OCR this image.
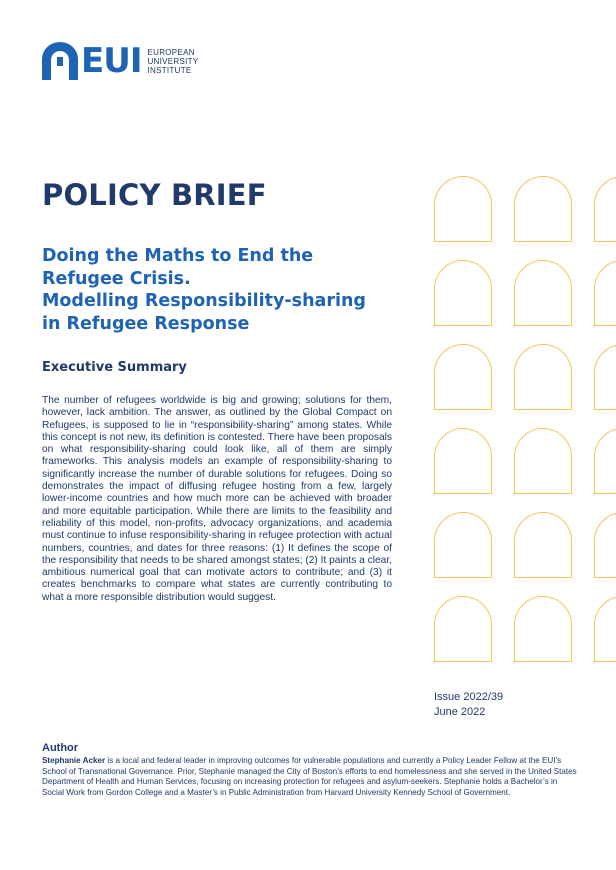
EUI EUROPEAN
UNIVERSITY
INSTITUTE
POLICY BRIEF
Doing the Maths to End the
Refugee Crisis.
Modelling Responsibility-sharing
in Refugee Response
Executive Summary

The number of refugees worldwide is big and growing; solutions for them, however, lack ambition. The answer, as outlined by the Global Compact on Refugees, is supposed to lie in “responsibility-sharing” among states. While this concept is not new, its definition is contested. There have been proposals on what responsibility-sharing could look like, all of them are simply frameworks. This analysis models an example of responsibility-sharing to significantly increase the number of durable solutions for refugees. Doing so demonstrates the impact of diffusing refugee hosting from a few, largely lower-income countries and how much more can be achieved with broader and more equitable participation. While there are limits to the feasibility and reliability of this model, non-profits, advocacy organizations, and academia must continue to infuse responsibility-sharing in refugee protection with actual numbers, countries, and dates for three reasons: (1) It defines the scope of the responsibility that needs to be shared amongst states; (2) It paints a clear, ambitious numerical goal that can motivate actors to contribute; and (3) it creates benchmarks to compare what states are currently contributing to what a more responsible distribution would suggest.

Issue 2022/39
June 2022
Author

Stephanie Acker is a local and federal leader in improving outcomes for vulnerable populations and currently a Policy Leader Fellow at the EUI’s School of Transnational Governance. Prior, Stephanie managed the City of Boston’s efforts to end homelessness and she served in the United States Department of Health and Human Services, focusing on increasing protection for refugees and asylum-seekers. Stephanie holds a Bachelor’s in Social Work from Gordon College and a Master’s in Public Administration from Harvard University Kennedy School of Government.
